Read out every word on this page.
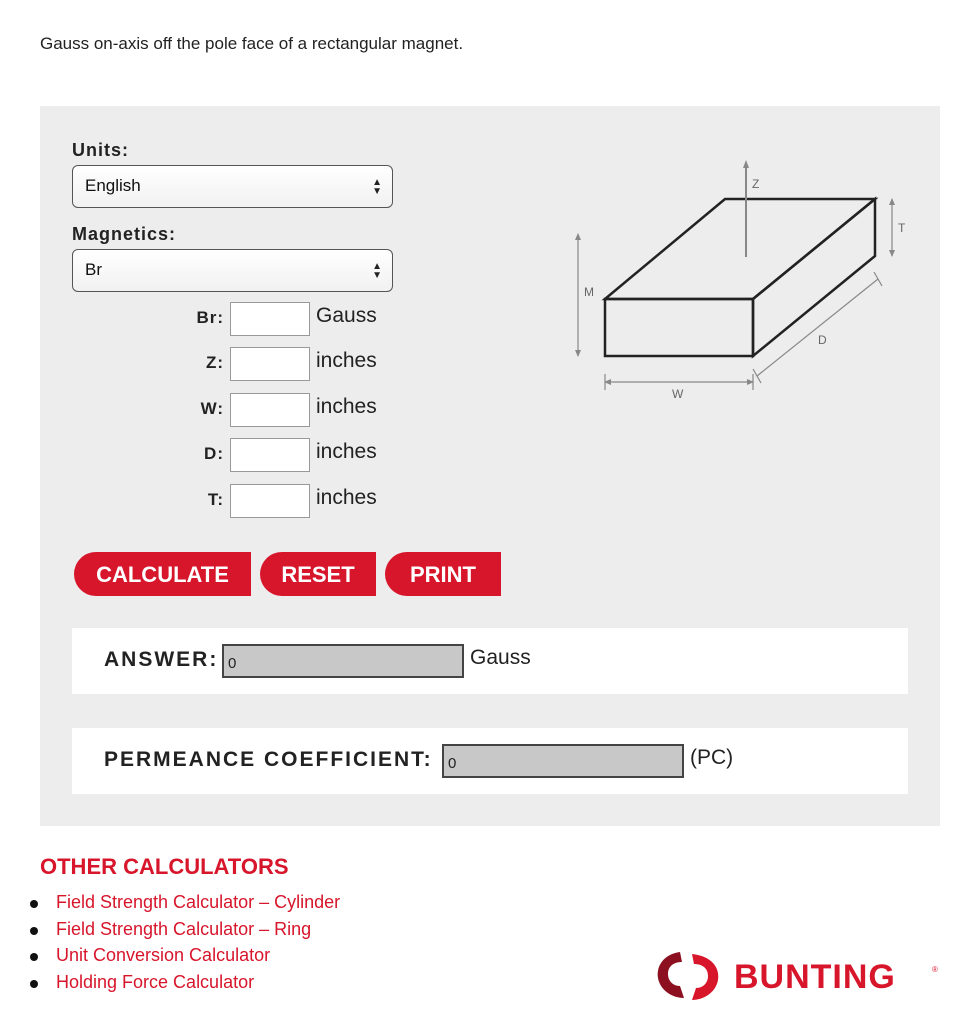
Gauss on-axis off the pole face of a rectangular magnet.
Units:
English	▲
▼
Magnetics:
Br	▲
▼
Br:	Gauss
Z:	inches
W:	inches
D:	inches
T:	inches
CALCULATE	RESET	PRINT
Z
T
M
D
W
ANSWER:
0	Gauss
PERMEANCE COEFFICIENT:
0	(PC)
OTHER CALCULATORS
Field Strength Calculator – Cylinder
Field Strength Calculator – Ring
Unit Conversion Calculator
Holding Force Calculator	BUNTING	®
